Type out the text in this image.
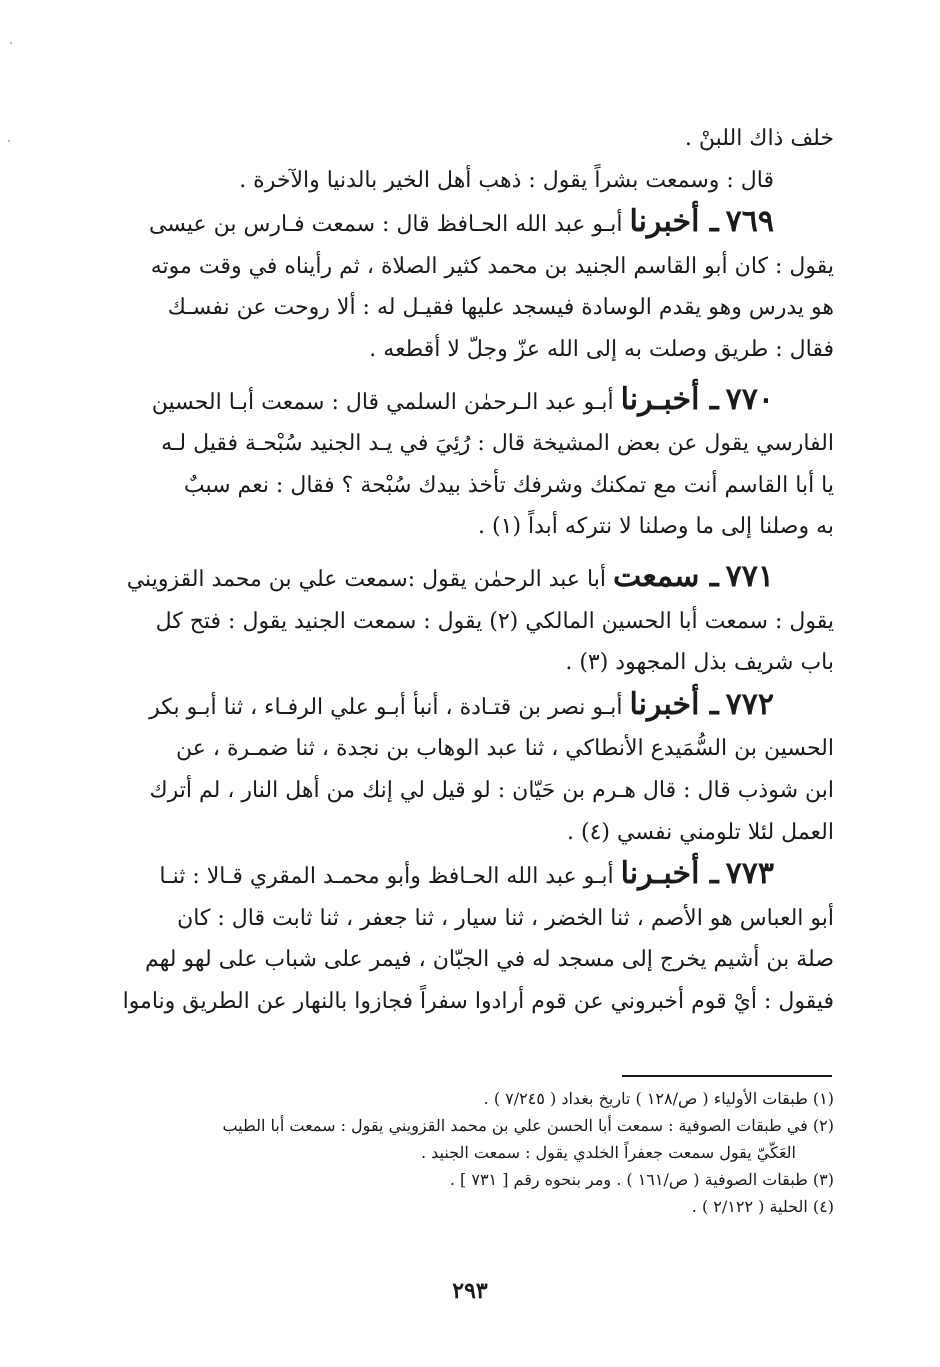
خلف ذاك اللبنْ .

قال : وسمعت بشراً يقول : ذهب أهل الخير بالدنيا والآخرة .

٧٦٩ ـ أخبرنا أبـو عبد الله الحـافظ قال : سمعت فـارس بن عيسى

يقول : كان أبو القاسم الجنيد بن محمد كثير الصلاة ، ثم رأيناه في وقت موته

هو يدرس وهو يقدم الوسادة فيسجد عليها فقيـل له : ألا روحت عن نفسـك

فقال : طريق وصلت به إلى الله عزّ وجلّ لا أقطعه .

٧٧٠ ـ أخبـرنا أبـو عبد الـرحمٰن السلمي قال : سمعت أبـا الحسين

الفارسي يقول عن بعض المشيخة قال : رُئِيَ في يـد الجنيد سُبْحـة فقيل لـه

يا أبا القاسم أنت مع تمكنك وشرفك تأخذ بيدك سُبْحة ؟ فقال : نعم سببٌ

به وصلنا إلى ما وصلنا لا نتركه أبداً (١) .

٧٧١ ـ سمعت أبا عبد الرحمٰن يقول :سمعت علي بن محمد القزويني

يقول : سمعت أبا الحسين المالكي (٢) يقول : سمعت الجنيد يقول : فتح كل

باب شريف بذل المجهود (٣) .

٧٧٢ ـ أخبرنا أبـو نصر بن قتـادة ، أنبأ أبـو علي الرفـاء ، ثنا أبـو بكر

الحسين بن السُّمَيدع الأنطاكي ، ثنا عبد الوهاب بن نجدة ، ثنا ضمـرة ، عن

ابن شوذب قال : قال هـرم بن حَيّان : لو قيل لي إنك من أهل النار ، لم أترك

العمل لئلا تلومني نفسي (٤) .

٧٧٣ ـ أخبـرنا أبـو عبد الله الحـافظ وأبو محمـد المقري قـالا : ثنـا

أبو العباس هو الأصم ، ثنا الخضر ، ثنا سيار ، ثنا جعفر ، ثنا ثابت قال : كان

صلة بن أشيم يخرج إلى مسجد له في الجبّان ، فيمر على شباب على لهو لهم

فيقول : أيْ قوم أخبروني عن قوم أرادوا سفراً فجازوا بالنهار عن الطريق وناموا

(١) طبقات الأولياء ( ص/١٢٨ ) تاريخ بغداد ( ٧/٢٤٥ ) .

(٢) في طبقات الصوفية : سمعت أبا الحسن علي بن محمد القزويني يقول : سمعت أبا الطيب

العَكّيّ يقول سمعت جعفراً الخلدي يقول : سمعت الجنيد .

(٣) طبقات الصوفية ( ص/١٦١ ) . ومر بنحوه رقم [ ٧٣١ ] .

(٤) الحلية ( ٢/١٢٢ ) .

٢٩٣
